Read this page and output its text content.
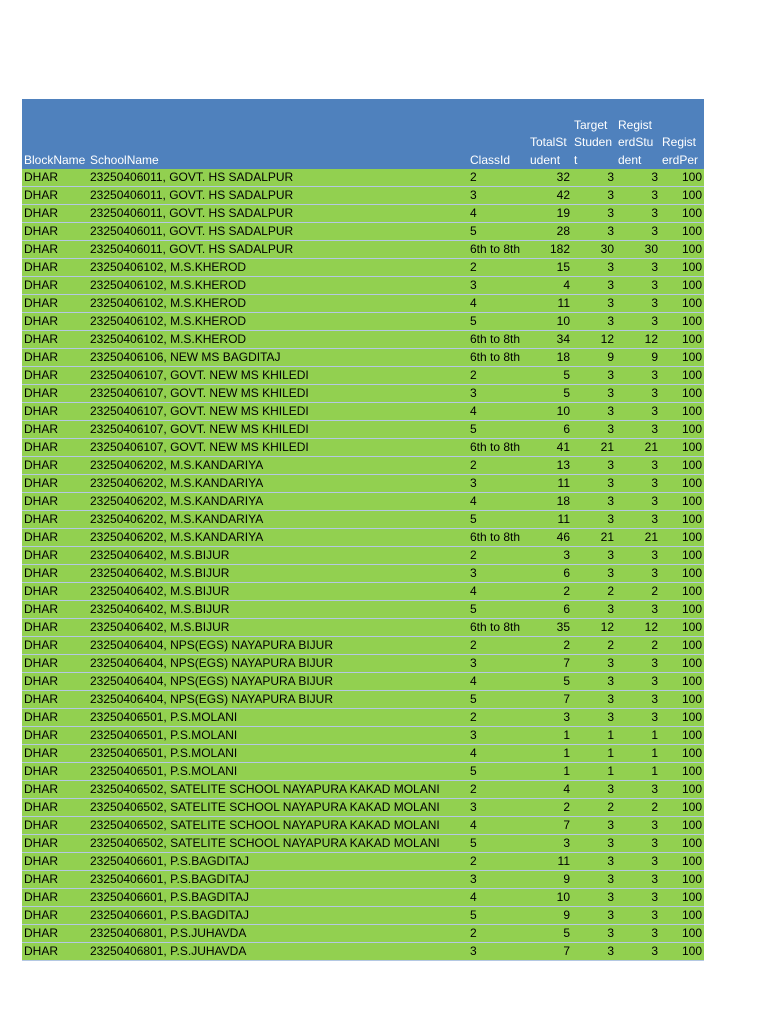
BlockName	SchoolName	ClassId	TotalStudent	TargetStudent	RegisterdStudent	RegisterdPer
DHAR	23250406011, GOVT. HS SADALPUR	2	32	3	3	100
DHAR	23250406011, GOVT. HS SADALPUR	3	42	3	3	100
DHAR	23250406011, GOVT. HS SADALPUR	4	19	3	3	100
DHAR	23250406011, GOVT. HS SADALPUR	5	28	3	3	100
DHAR	23250406011, GOVT. HS SADALPUR	6th to 8th	182	30	30	100
DHAR	23250406102, M.S.KHEROD	2	15	3	3	100
DHAR	23250406102, M.S.KHEROD	3	4	3	3	100
DHAR	23250406102, M.S.KHEROD	4	11	3	3	100
DHAR	23250406102, M.S.KHEROD	5	10	3	3	100
DHAR	23250406102, M.S.KHEROD	6th to 8th	34	12	12	100
DHAR	23250406106, NEW MS BAGDITAJ	6th to 8th	18	9	9	100
DHAR	23250406107, GOVT. NEW MS KHILEDI	2	5	3	3	100
DHAR	23250406107, GOVT. NEW MS KHILEDI	3	5	3	3	100
DHAR	23250406107, GOVT. NEW MS KHILEDI	4	10	3	3	100
DHAR	23250406107, GOVT. NEW MS KHILEDI	5	6	3	3	100
DHAR	23250406107, GOVT. NEW MS KHILEDI	6th to 8th	41	21	21	100
DHAR	23250406202, M.S.KANDARIYA	2	13	3	3	100
DHAR	23250406202, M.S.KANDARIYA	3	11	3	3	100
DHAR	23250406202, M.S.KANDARIYA	4	18	3	3	100
DHAR	23250406202, M.S.KANDARIYA	5	11	3	3	100
DHAR	23250406202, M.S.KANDARIYA	6th to 8th	46	21	21	100
DHAR	23250406402, M.S.BIJUR	2	3	3	3	100
DHAR	23250406402, M.S.BIJUR	3	6	3	3	100
DHAR	23250406402, M.S.BIJUR	4	2	2	2	100
DHAR	23250406402, M.S.BIJUR	5	6	3	3	100
DHAR	23250406402, M.S.BIJUR	6th to 8th	35	12	12	100
DHAR	23250406404, NPS(EGS) NAYAPURA BIJUR	2	2	2	2	100
DHAR	23250406404, NPS(EGS) NAYAPURA BIJUR	3	7	3	3	100
DHAR	23250406404, NPS(EGS) NAYAPURA BIJUR	4	5	3	3	100
DHAR	23250406404, NPS(EGS) NAYAPURA BIJUR	5	7	3	3	100
DHAR	23250406501, P.S.MOLANI	2	3	3	3	100
DHAR	23250406501, P.S.MOLANI	3	1	1	1	100
DHAR	23250406501, P.S.MOLANI	4	1	1	1	100
DHAR	23250406501, P.S.MOLANI	5	1	1	1	100
DHAR	23250406502, SATELITE SCHOOL NAYAPURA KAKAD MOLANI	2	4	3	3	100
DHAR	23250406502, SATELITE SCHOOL NAYAPURA KAKAD MOLANI	3	2	2	2	100
DHAR	23250406502, SATELITE SCHOOL NAYAPURA KAKAD MOLANI	4	7	3	3	100
DHAR	23250406502, SATELITE SCHOOL NAYAPURA KAKAD MOLANI	5	3	3	3	100
DHAR	23250406601, P.S.BAGDITAJ	2	11	3	3	100
DHAR	23250406601, P.S.BAGDITAJ	3	9	3	3	100
DHAR	23250406601, P.S.BAGDITAJ	4	10	3	3	100
DHAR	23250406601, P.S.BAGDITAJ	5	9	3	3	100
DHAR	23250406801, P.S.JUHAVDA	2	5	3	3	100
DHAR	23250406801, P.S.JUHAVDA	3	7	3	3	100
